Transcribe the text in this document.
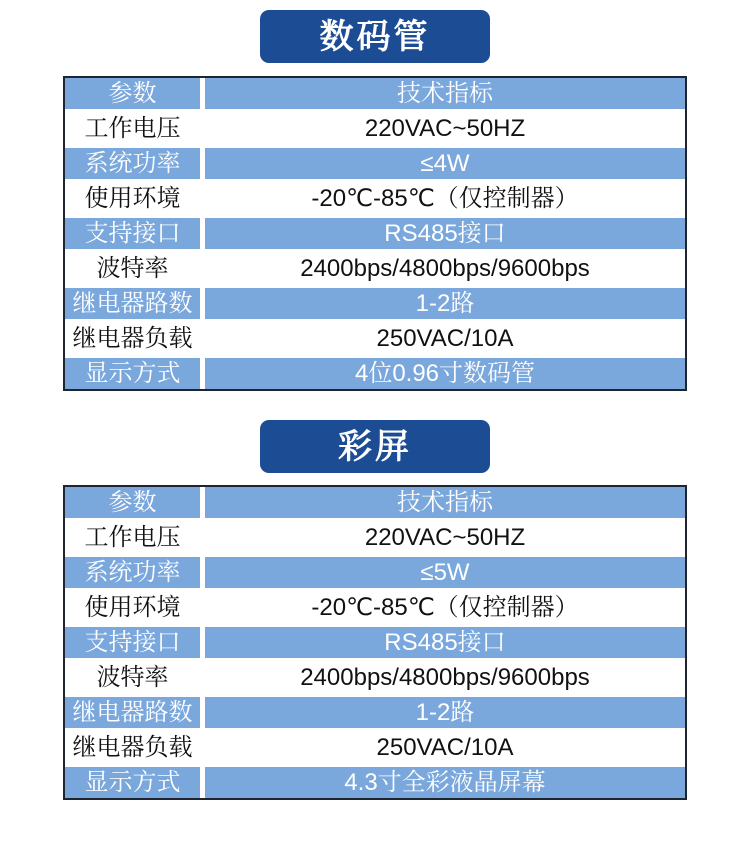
数码管
参数	技术指标
工作电压	220VAC~50HZ
系统功率	≤4W
使用环境	-20℃-85℃（仅控制器）
支持接口	RS485接口
波特率	2400bps/4800bps/9600bps
继电器路数	1-2路
继电器负载	250VAC/10A
显示方式	4位0.96寸数码管
彩屏
参数	技术指标
工作电压	220VAC~50HZ
系统功率	≤5W
使用环境	-20℃-85℃（仅控制器）
支持接口	RS485接口
波特率	2400bps/4800bps/9600bps
继电器路数	1-2路
继电器负载	250VAC/10A
显示方式	4.3寸全彩液晶屏幕
